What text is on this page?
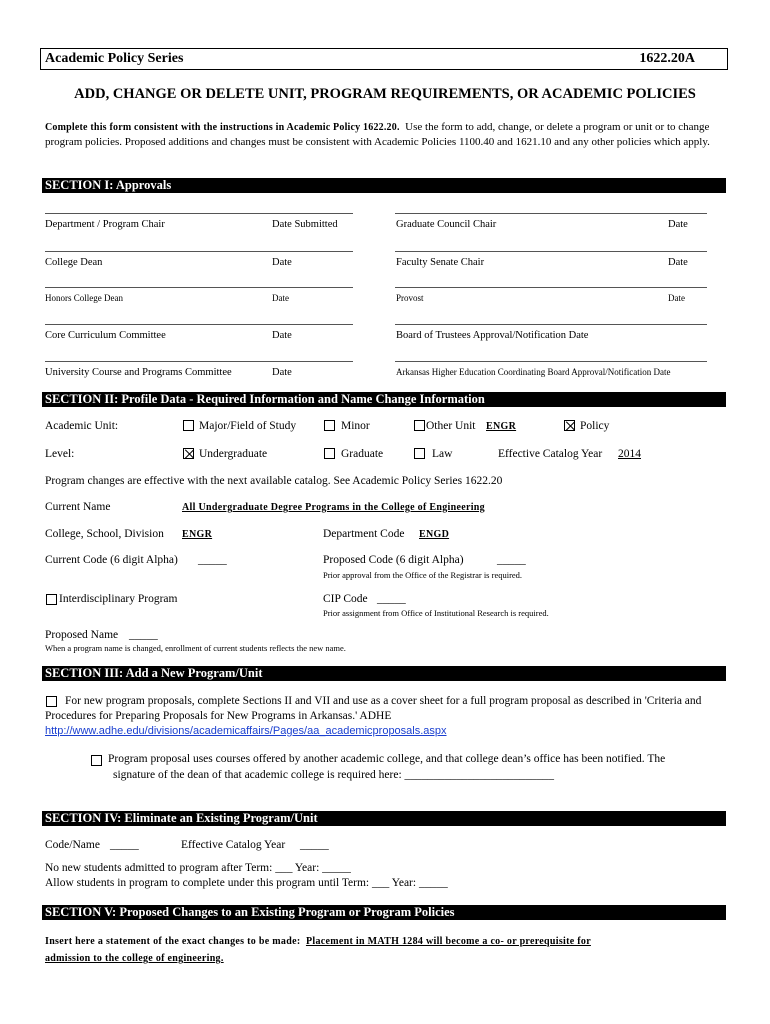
Academic Policy Series	1622.20A
ADD, CHANGE OR DELETE UNIT, PROGRAM REQUIREMENTS, OR ACADEMIC POLICIES
Complete this form consistent with the instructions in Academic Policy 1622.20. Use the form to add, change, or delete a program or unit or to change program policies. Proposed additions and changes must be consistent with Academic Policies 1100.40 and 1621.10 and any other policies which apply.
SECTION I: Approvals
Department / Program Chair	Date Submitted	Graduate Council Chair	Date
College Dean	Date	Faculty Senate Chair	Date
Honors College Dean	Date	Provost	Date
Core Curriculum Committee	Date	Board of Trustees Approval/Notification Date
University Course and Programs Committee	Date	Arkansas Higher Education Coordinating Board Approval/Notification Date
SECTION II: Profile Data - Required Information and Name Change Information
Academic Unit:	Major/Field of Study	Minor	Other Unit ENGR	Policy
Level:	Undergraduate	Graduate	Law	Effective Catalog Year 2014
Program changes are effective with the next available catalog. See Academic Policy Series 1622.20
Current Name	All Undergraduate Degree Programs in the College of Engineering
College, School, Division ENGR	Department Code ENGD
Current Code (6 digit Alpha) _____	Proposed Code (6 digit Alpha)	_____
Prior approval from the Office of the Registrar is required.
Interdisciplinary Program	CIP Code _____
Prior assignment from Office of Institutional Research is required.
Proposed Name _____
When a program name is changed, enrollment of current students reflects the new name.
SECTION III: Add a New Program/Unit
For new program proposals, complete Sections II and VII and use as a cover sheet for a full program proposal as described in 'Criteria and Procedures for Preparing Proposals for New Programs in Arkansas.' ADHE
http://www.adhe.edu/divisions/academicaffairs/Pages/aa_academicproposals.aspx
Program proposal uses courses offered by another academic college, and that college dean’s office has been notified. The
signature of the dean of that academic college is required here: __________________________
SECTION IV: Eliminate an Existing Program/Unit
Code/Name _____	Effective Catalog Year _____
No new students admitted to program after Term: ___ Year: _____
Allow students in program to complete under this program until Term: ___ Year: _____
SECTION V: Proposed Changes to an Existing Program or Program Policies
Insert here a statement of the exact changes to be made: Placement in MATH 1284 will become a co- or prerequisite for
admission to the college of engineering.
